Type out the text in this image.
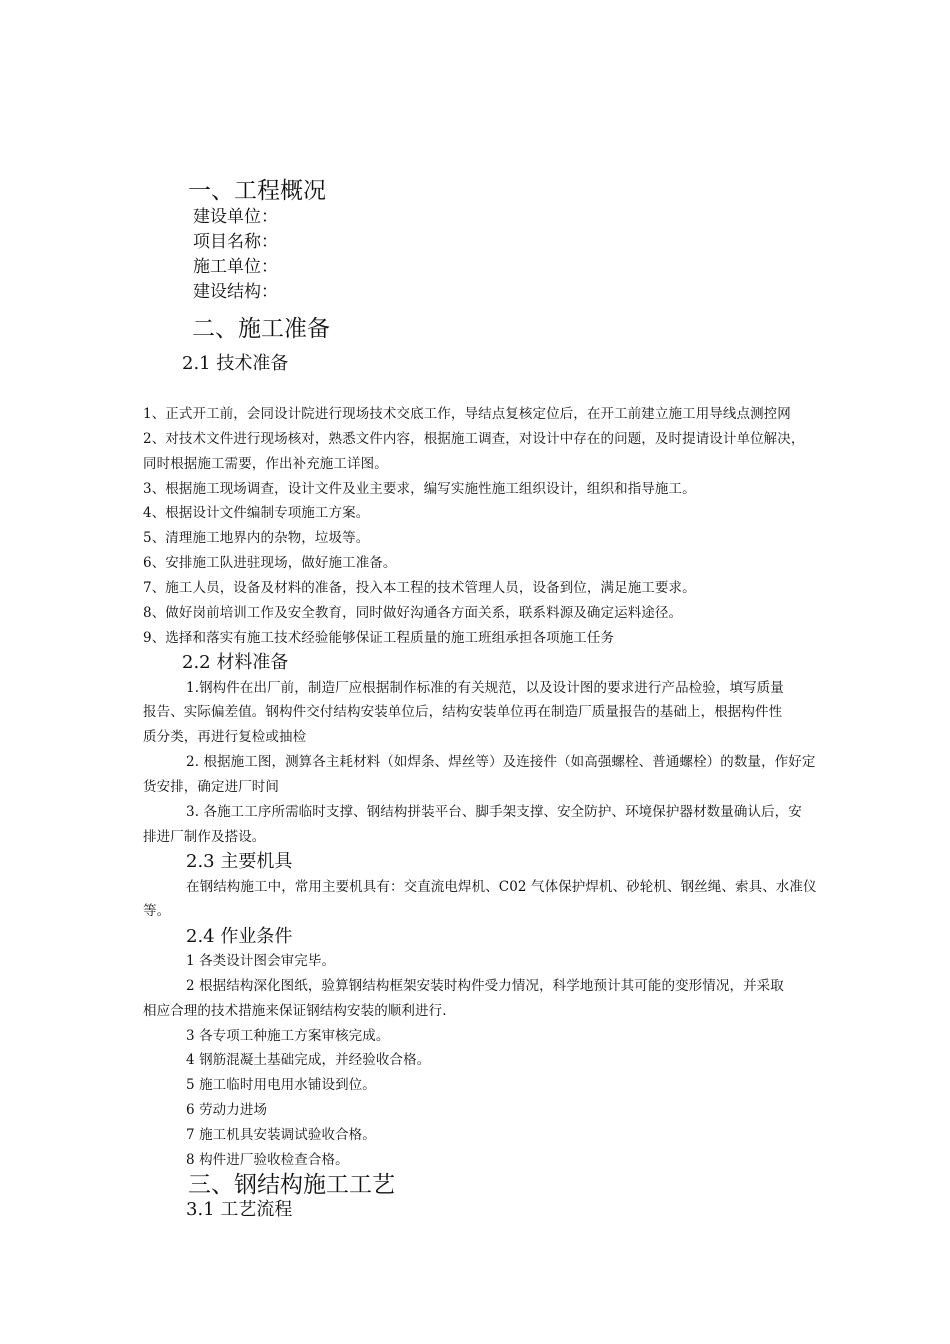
一、工程概况
建设单位：
项目名称：
施工单位：
建设结构：
二、施工准备
2.1 技术准备
1、正式开工前，会同设计院进行现场技术交底工作，导结点复核定位后，在开工前建立施工用导线点测控网
2、对技术文件进行现场核对，熟悉文件内容，根据施工调查，对设计中存在的问题，及时提请设计单位解决，
同时根据施工需要，作出补充施工详图。
3、根据施工现场调查，设计文件及业主要求，编写实施性施工组织设计，组织和指导施工。
4、根据设计文件编制专项施工方案。
5、清理施工地界内的杂物，垃圾等。
6、安排施工队进驻现场，做好施工准备。
7、施工人员，设备及材料的准备，投入本工程的技术管理人员，设备到位，满足施工要求。
8、做好岗前培训工作及安全教育，同时做好沟通各方面关系，联系料源及确定运料途径。
9、选择和落实有施工技术经验能够保证工程质量的施工班组承担各项施工任务
2.2 材料准备
1.钢构件在出厂前，制造厂应根据制作标准的有关规范，以及设计图的要求进行产品检验，填写质量
报告、实际偏差值。钢构件交付结构安装单位后，结构安装单位再在制造厂质量报告的基础上，根据构件性
质分类，再进行复检或抽检
2. 根据施工图，测算各主耗材料（如焊条、焊丝等）及连接件（如高强螺栓、普通螺栓）的数量，作好定
货安排，确定进厂时间
3. 各施工工序所需临时支撑、钢结构拼装平台、脚手架支撑、安全防护、环境保护器材数量确认后，安
排进厂制作及搭设。
2.3 主要机具
在钢结构施工中，常用主要机具有：交直流电焊机、C02 气体保护焊机、砂轮机、钢丝绳、索具、水准仪
等。
2.4 作业条件
1 各类设计图会审完毕。
2 根据结构深化图纸，验算钢结构框架安装时构件受力情况，科学地预计其可能的变形情况，并采取
相应合理的技术措施来保证钢结构安装的顺利进行.
3 各专项工种施工方案审核完成。
4 钢筋混凝土基础完成，并经验收合格。
5 施工临时用电用水铺设到位。
6 劳动力进场
7 施工机具安装调试验收合格。
8 构件进厂验收检查合格。
三、钢结构施工工艺
3.1 工艺流程
